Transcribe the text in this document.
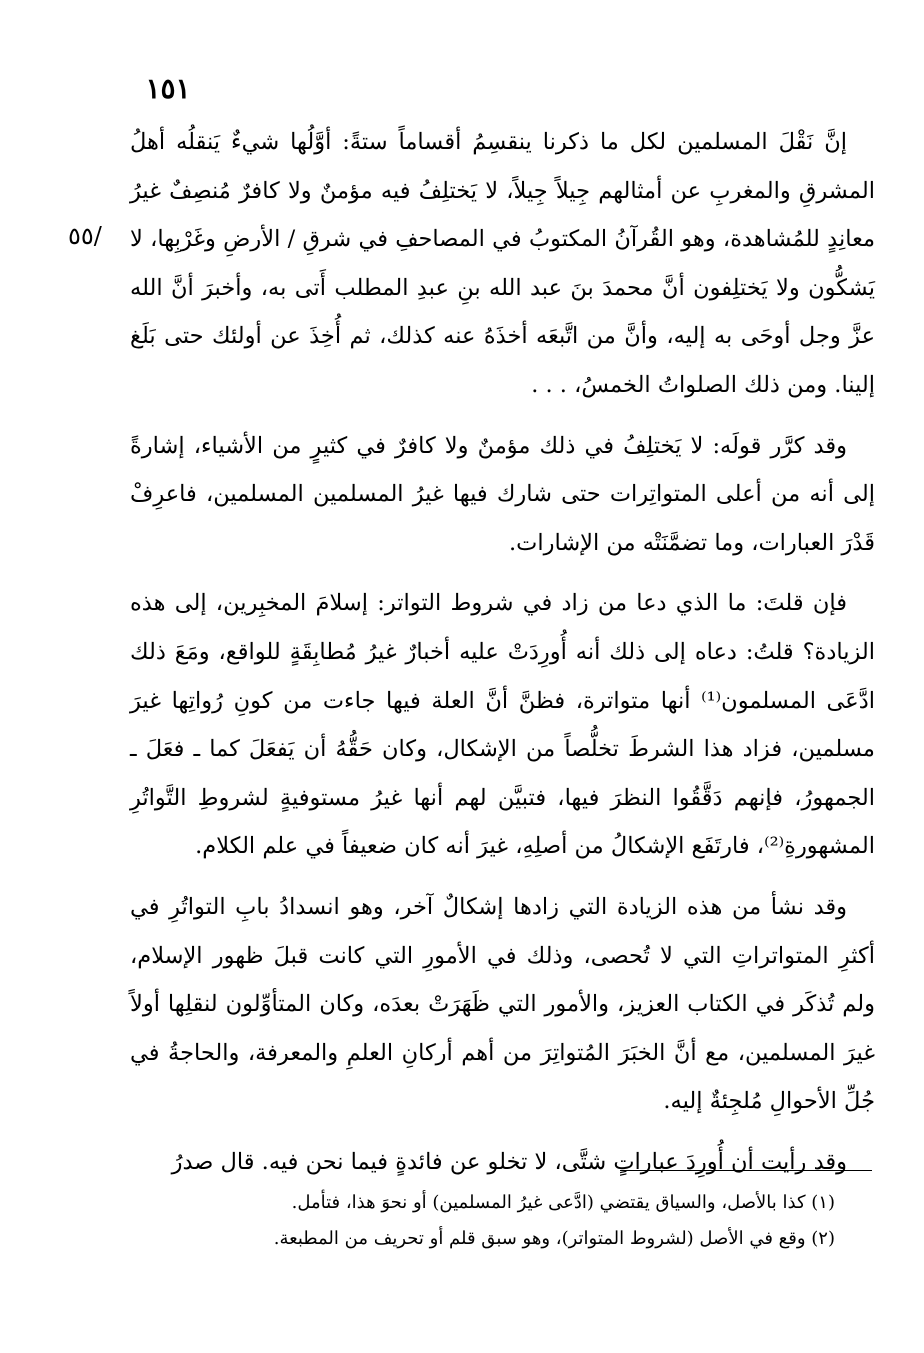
١٥١
/٥٥

إنَّ نَقْلَ المسلمين لكل ما ذكرنا ينقسِمُ أقساماً ستةً: أوَّلُها شيءٌ يَنقلُه أهلُ المشرقِ والمغربِ عن أمثالهم جِيلاً جِيلاً، لا يَختلِفُ فيه مؤمنٌ ولا كافرٌ مُنصِفٌ غيرُ معانِدٍ للمُشاهدة، وهو القُرآنُ المكتوبُ في المصاحفِ في شرقِ / الأرضِ وغَرْبِها، لا يَشكُّون ولا يَختلِفون أنَّ محمدَ بنَ عبد الله بنِ عبدِ المطلب أَتى به، وأخبرَ أنَّ الله عزَّ وجل أوحَى به إليه، وأنَّ من اتَّبعَه أخذَهُ عنه كذلك، ثم أُخِذَ عن أولئك حتى بَلَغ إلينا. ومن ذلك الصلواتُ الخمسُ، . . .

وقد كرَّر قولَه: لا يَختلِفُ في ذلك مؤمنٌ ولا كافرٌ في كثيرٍ من الأشياء، إشارةً إلى أنه من أعلى المتواتِرات حتى شارك فيها غيرُ المسلمين المسلمين، فاعرِفْ قَدْرَ العبارات، وما تضمَّنَتْه من الإشارات.

فإن قلتَ: ما الذي دعا من زاد في شروط التواتر: إسلامَ المخبِرين، إلى هذه الزيادة؟ قلتُ: دعاه إلى ذلك أنه أُورِدَتْ عليه أخبارٌ غيرُ مُطابِقَةٍ للواقع، ومَعَ ذلك ادَّعَى المسلمون⁽¹⁾ أنها متواترة، فظنَّ أنَّ العلة فيها جاءت من كونِ رُواتِها غيرَ مسلمين، فزاد هذا الشرطَ تخلُّصاً من الإشكال، وكان حَقُّهُ أن يَفعَلَ كما ـ فعَلَ ـ الجمهورُ، فإنهم دَقَّقُوا النظرَ فيها، فتبيَّن لهم أنها غيرُ مستوفيةٍ لشروطِ التَّواتُرِ المشهورةِ⁽²⁾، فارتَفَع الإشكالُ من أصلِهِ، غيرَ أنه كان ضعيفاً في علم الكلام.

وقد نشأ من هذه الزيادة التي زادها إشكالٌ آخر، وهو انسدادُ بابِ التواتُرِ في أكثرِ المتواتراتِ التي لا تُحصى، وذلك في الأمورِ التي كانت قبلَ ظهور الإسلام، ولم تُذكَر في الكتاب العزيز، والأمور التي ظَهَرَتْ بعدَه، وكان المتأوِّلون لنقلِها أولاً غيرَ المسلمين، مع أنَّ الخبَرَ المُتواتِرَ من أهم أركانِ العلمِ والمعرفة، والحاجةُ في جُلِّ الأحوالِ مُلجِئةٌ إليه.

وقد رأيت أن أُورِدَ عباراتٍ شتَّى، لا تخلو عن فائدةٍ فيما نحن فيه. قال صدرُ

(١) كذا بالأصل، والسياق يقتضي (ادَّعى غيرُ المسلمين) أو نحوَ هذا، فتأمل.

(٢) وقع في الأصل (لشروط المتواتر)، وهو سبق قلم أو تحريف من المطبعة.
